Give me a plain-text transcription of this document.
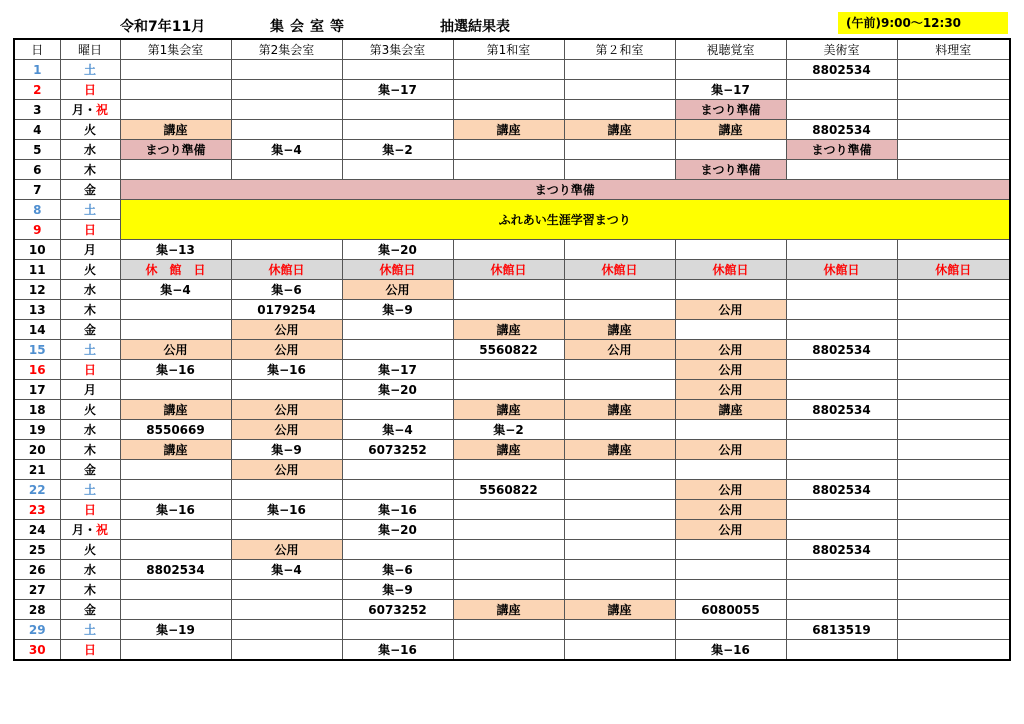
令和7年11月	集会室等	抽選結果表	(午前)9:00～12:30
日	曜日	第1集会室	第2集会室	第3集会室	第1和室	第２和室	視聴覚室	美術室	料理室
1	土							8802534	
2	日			集−17			集−17		
3	月・祝						まつり準備		
4	火	講座			講座	講座	講座	8802534	
5	水	まつり準備	集−4	集−2				まつり準備	
6	木						まつり準備		
7	金	まつり準備							
8	土	ふれあい生涯学習まつり							
9	日								
10	月	集−13		集−20					
11	火	休　館　日	休館日	休館日	休館日	休館日	休館日	休館日	休館日
12	水	集−4	集−6	公用					
13	木		0179254	集−9			公用		
14	金		公用		講座	講座			
15	土	公用	公用		5560822	公用	公用	8802534	
16	日	集−16	集−16	集−17			公用		
17	月			集−20			公用		
18	火	講座	公用		講座	講座	講座	8802534	
19	水	8550669	公用	集−4	集−2				
20	木	講座	集−9	6073252	講座	講座	公用		
21	金		公用						
22	土				5560822		公用	8802534	
23	日	集−16	集−16	集−16			公用		
24	月・祝			集−20			公用		
25	火		公用					8802534	
26	水	8802534	集−4	集−6					
27	木			集−9					
28	金			6073252	講座	講座	6080055		
29	土	集−19						6813519	
30	日			集−16			集−16		
